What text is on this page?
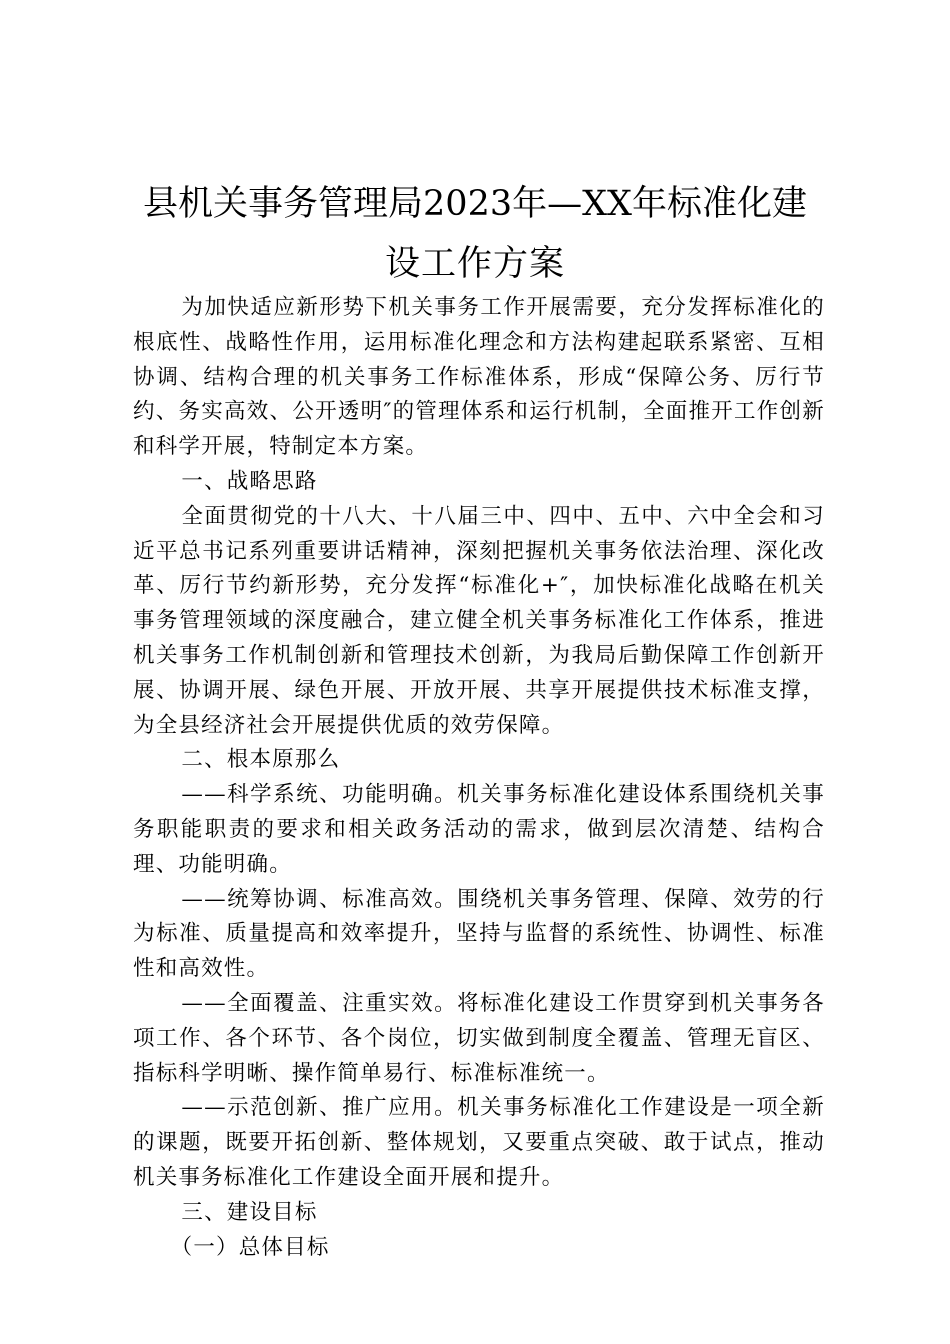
县机关事务管理局2023年—XX年标准化建
设工作方案

为加快适应新形势下机关事务工作开展需要，充分发挥标准化的根底性、战略性作用，运用标准化理念和方法构建起联系紧密、互相协调、结构合理的机关事务工作标准体系，形成“保障公务、厉行节约、务实高效、公开透明″的管理体系和运行机制，全面推开工作创新和科学开展，特制定本方案。

一、战略思路

全面贯彻党的十八大、十八届三中、四中、五中、六中全会和习近平总书记系列重要讲话精神，深刻把握机关事务依法治理、深化改革、厉行节约新形势，充分发挥“标准化+″，加快标准化战略在机关事务管理领域的深度融合，建立健全机关事务标准化工作体系，推进机关事务工作机制创新和管理技术创新，为我局后勤保障工作创新开展、协调开展、绿色开展、开放开展、共享开展提供技术标准支撑，为全县经济社会开展提供优质的效劳保障。

二、根本原那么

——科学系统、功能明确。机关事务标准化建设体系围绕机关事务职能职责的要求和相关政务活动的需求，做到层次清楚、结构合理、功能明确。

——统筹协调、标准高效。围绕机关事务管理、保障、效劳的行为标准、质量提高和效率提升，坚持与监督的系统性、协调性、标准性和高效性。

——全面覆盖、注重实效。将标准化建设工作贯穿到机关事务各项工作、各个环节、各个岗位，切实做到制度全覆盖、管理无盲区、指标科学明晰、操作简单易行、标准标准统一。

——示范创新、推广应用。机关事务标准化工作建设是一项全新的课题，既要开拓创新、整体规划，又要重点突破、敢于试点，推动机关事务标准化工作建设全面开展和提升。

三、建设目标

（一）总体目标
